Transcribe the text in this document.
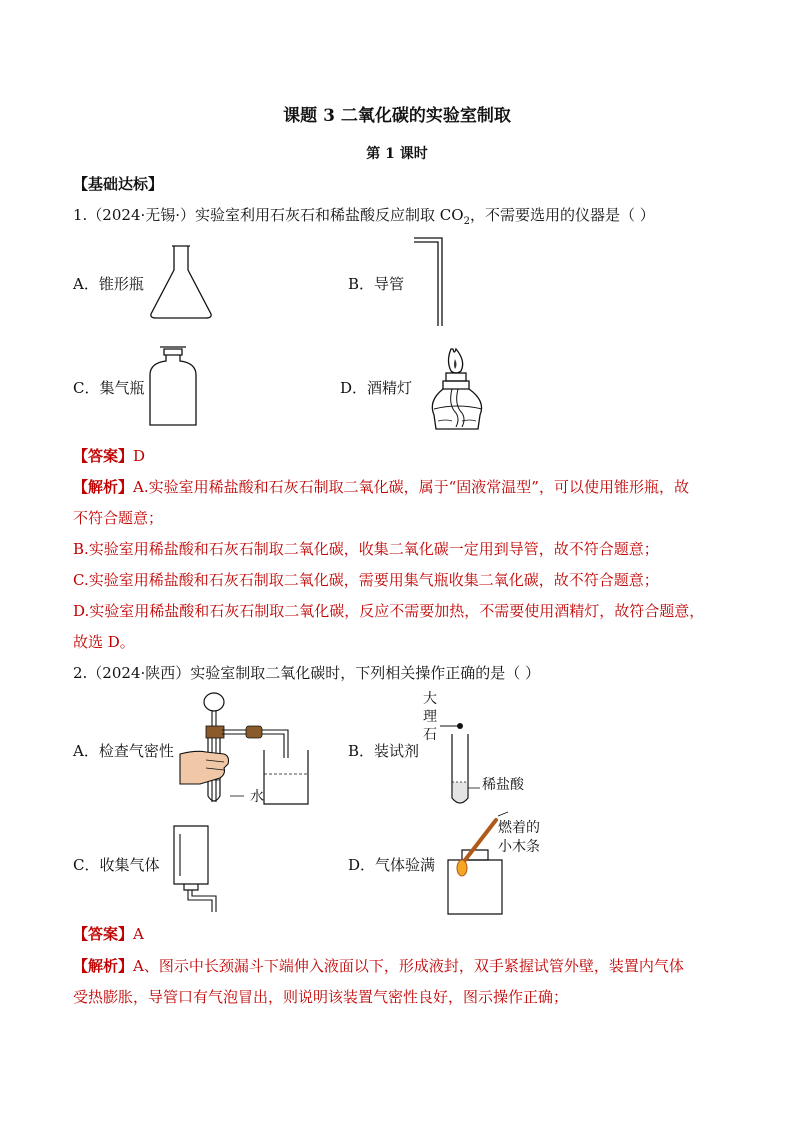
课题 3 二氧化碳的实验室制取
第 1 课时
【基础达标】
1.（2024·无锡·）实验室利用石灰石和稀盐酸反应制取 $CO_2$，不需要选用的仪器是（ ）
A．锥形瓶	B．导管
C．集气瓶	D．酒精灯
【答案】D
【解析】A.实验室用稀盐酸和石灰石制取二氧化碳，属于“固液常温型”，可以使用锥形瓶，故
不符合题意；
B.实验室用稀盐酸和石灰石制取二氧化碳，收集二氧化碳一定用到导管，故不符合题意；
C.实验室用稀盐酸和石灰石制取二氧化碳，需要用集气瓶收集二氧化碳，故不符合题意；
D.实验室用稀盐酸和石灰石制取二氧化碳，反应不需要加热，不需要使用酒精灯，故符合题意，
故选 D。
2.（2024·陕西）实验室制取二氧化碳时，下列相关操作正确的是（ ）
A．检查气密性	B．装试剂
C．收集气体	D．气体验满
水
大
理
石
稀盐酸
燃着的
小木条
【答案】A
【解析】A、图示中长颈漏斗下端伸入液面以下，形成液封，双手紧握试管外壁，装置内气体
受热膨胀，导管口有气泡冒出，则说明该装置气密性良好，图示操作正确；
